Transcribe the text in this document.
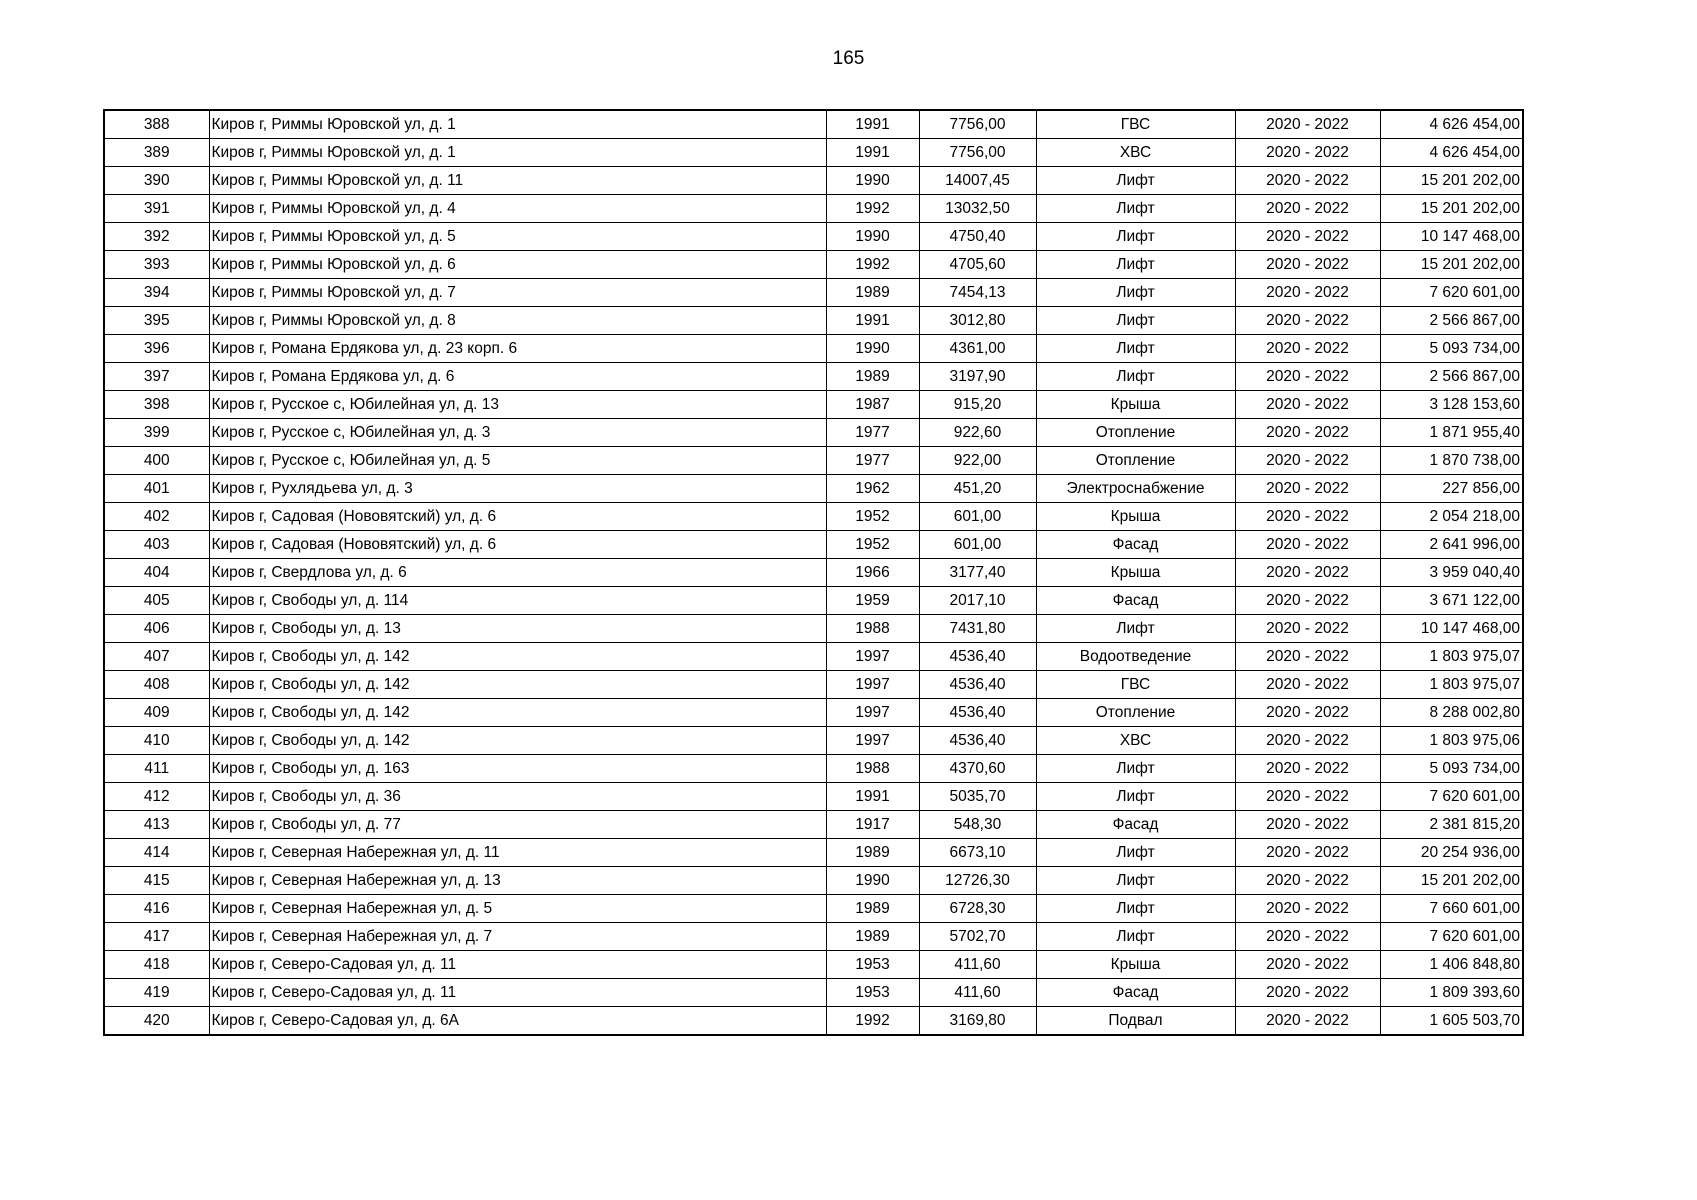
165
388	Киров г, Риммы Юровской ул, д. 1	1991	7756,00	ГВС	2020 - 2022	4 626 454,00
389	Киров г, Риммы Юровской ул, д. 1	1991	7756,00	ХВС	2020 - 2022	4 626 454,00
390	Киров г, Риммы Юровской ул, д. 11	1990	14007,45	Лифт	2020 - 2022	15 201 202,00
391	Киров г, Риммы Юровской ул, д. 4	1992	13032,50	Лифт	2020 - 2022	15 201 202,00
392	Киров г, Риммы Юровской ул, д. 5	1990	4750,40	Лифт	2020 - 2022	10 147 468,00
393	Киров г, Риммы Юровской ул, д. 6	1992	4705,60	Лифт	2020 - 2022	15 201 202,00
394	Киров г, Риммы Юровской ул, д. 7	1989	7454,13	Лифт	2020 - 2022	7 620 601,00
395	Киров г, Риммы Юровской ул, д. 8	1991	3012,80	Лифт	2020 - 2022	2 566 867,00
396	Киров г, Романа Ердякова ул, д. 23 корп. 6	1990	4361,00	Лифт	2020 - 2022	5 093 734,00
397	Киров г, Романа Ердякова ул, д. 6	1989	3197,90	Лифт	2020 - 2022	2 566 867,00
398	Киров г, Русское с, Юбилейная ул, д. 13	1987	915,20	Крыша	2020 - 2022	3 128 153,60
399	Киров г, Русское с, Юбилейная ул, д. 3	1977	922,60	Отопление	2020 - 2022	1 871 955,40
400	Киров г, Русское с, Юбилейная ул, д. 5	1977	922,00	Отопление	2020 - 2022	1 870 738,00
401	Киров г, Рухлядьева ул, д. 3	1962	451,20	Электроснабжение	2020 - 2022	227 856,00
402	Киров г, Садовая (Нововятский) ул, д. 6	1952	601,00	Крыша	2020 - 2022	2 054 218,00
403	Киров г, Садовая (Нововятский) ул, д. 6	1952	601,00	Фасад	2020 - 2022	2 641 996,00
404	Киров г, Свердлова ул, д. 6	1966	3177,40	Крыша	2020 - 2022	3 959 040,40
405	Киров г, Свободы ул, д. 114	1959	2017,10	Фасад	2020 - 2022	3 671 122,00
406	Киров г, Свободы ул, д. 13	1988	7431,80	Лифт	2020 - 2022	10 147 468,00
407	Киров г, Свободы ул, д. 142	1997	4536,40	Водоотведение	2020 - 2022	1 803 975,07
408	Киров г, Свободы ул, д. 142	1997	4536,40	ГВС	2020 - 2022	1 803 975,07
409	Киров г, Свободы ул, д. 142	1997	4536,40	Отопление	2020 - 2022	8 288 002,80
410	Киров г, Свободы ул, д. 142	1997	4536,40	ХВС	2020 - 2022	1 803 975,06
411	Киров г, Свободы ул, д. 163	1988	4370,60	Лифт	2020 - 2022	5 093 734,00
412	Киров г, Свободы ул, д. 36	1991	5035,70	Лифт	2020 - 2022	7 620 601,00
413	Киров г, Свободы ул, д. 77	1917	548,30	Фасад	2020 - 2022	2 381 815,20
414	Киров г, Северная Набережная ул, д. 11	1989	6673,10	Лифт	2020 - 2022	20 254 936,00
415	Киров г, Северная Набережная ул, д. 13	1990	12726,30	Лифт	2020 - 2022	15 201 202,00
416	Киров г, Северная Набережная ул, д. 5	1989	6728,30	Лифт	2020 - 2022	7 660 601,00
417	Киров г, Северная Набережная ул, д. 7	1989	5702,70	Лифт	2020 - 2022	7 620 601,00
418	Киров г, Северо-Садовая ул, д. 11	1953	411,60	Крыша	2020 - 2022	1 406 848,80
419	Киров г, Северо-Садовая ул, д. 11	1953	411,60	Фасад	2020 - 2022	1 809 393,60
420	Киров г, Северо-Садовая ул, д. 6А	1992	3169,80	Подвал	2020 - 2022	1 605 503,70
